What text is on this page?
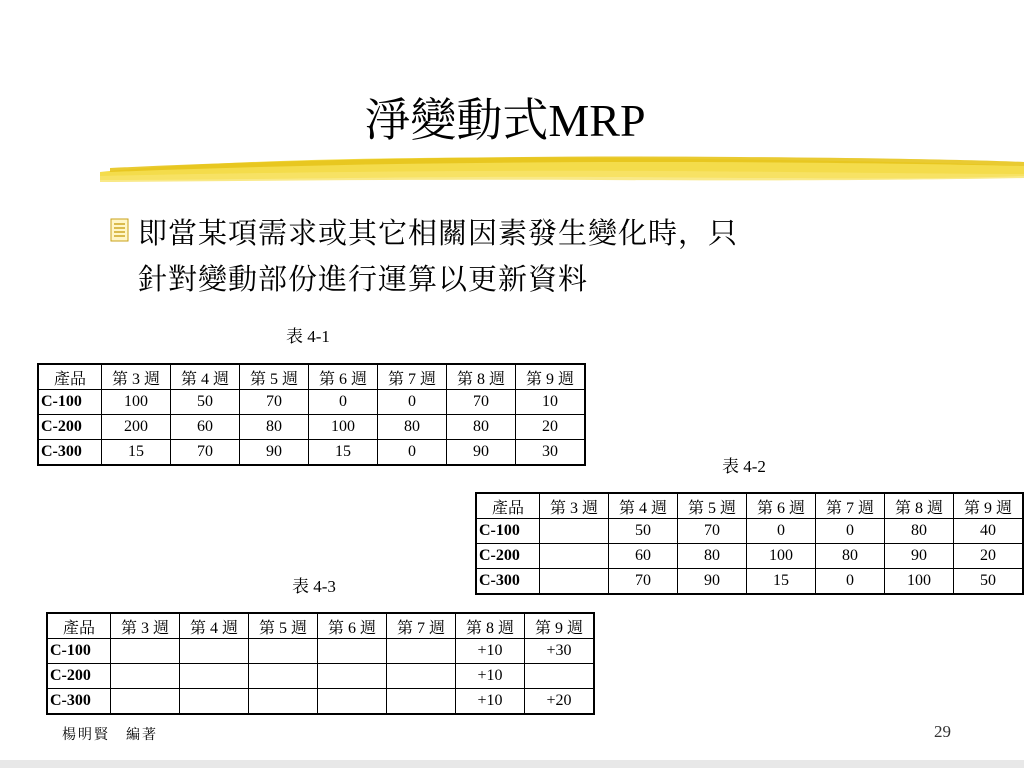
淨變動式MRP
即當某項需求或其它相關因素發生變化時，只
針對變動部份進行運算以更新資料
表 4-1
產品	第 3 週	第 4 週	第 5 週	第 6 週	第 7 週	第 8 週	第 9 週
C-100	100	50	70	0	0	70	10
C-200	200	60	80	100	80	80	20
C-300	15	70	90	15	0	90	30
表 4-2
產品	第 3 週	第 4 週	第 5 週	第 6 週	第 7 週	第 8 週	第 9 週
C-100		50	70	0	0	80	40
C-200		60	80	100	80	90	20
C-300		70	90	15	0	100	50
表 4-3
產品	第 3 週	第 4 週	第 5 週	第 6 週	第 7 週	第 8 週	第 9 週
C-100						+10	+30
C-200						+10	
C-300						+10	+20
楊明賢　編著	29
